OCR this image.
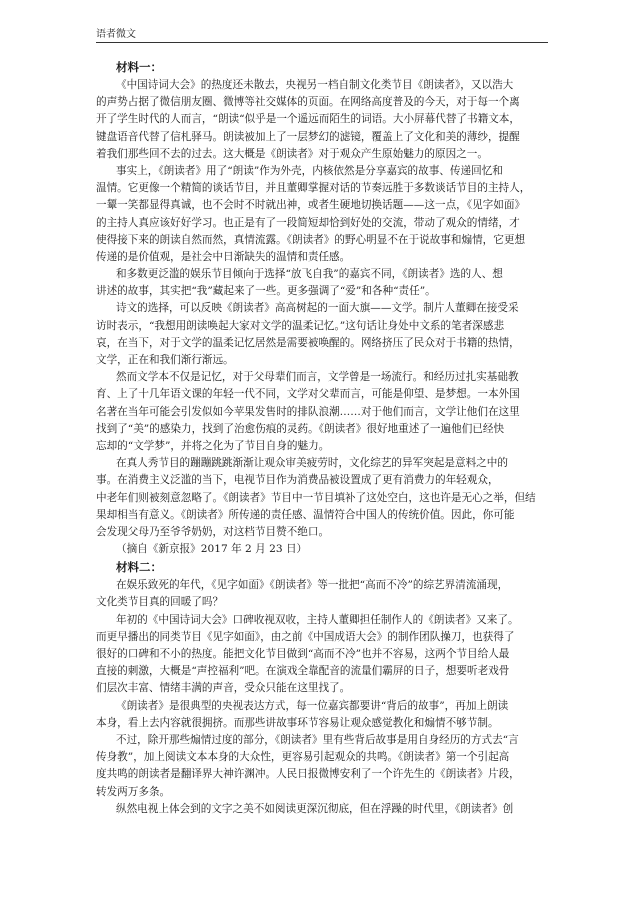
语者微文
材料一：
《中国诗词大会》的热度还未散去，央视另一档自制文化类节目《朗读者》，又以浩大
的声势占据了微信朋友圈、微博等社交媒体的页面。在网络高度普及的今天，对于每一个离
开了学生时代的人而言，“朗读“似乎是一个遥远而陌生的词语。大小屏幕代替了书籍文本，
键盘语音代替了信札驿马。朗读被加上了一层梦幻的滤镜，覆盖上了文化和美的薄纱，提醒
着我们那些回不去的过去。这大概是《朗读者》对于观众产生原始魅力的原因之一。
事实上，《朗读者》用了“朗读”作为外壳，内核依然是分享嘉宾的故事、传递回忆和
温情。它更像一个精简的谈话节目，并且董卿掌握对话的节奏远胜于多数谈话节目的主持人，
一颦一笑都显得真诚，也不会时不时就出神，或者生硬地切换话题——这一点，《见字如面》
的主持人真应该好好学习。也正是有了一段简短却恰到好处的交流，带动了观众的情绪，才
使得接下来的朗读自然而然，真情流露。《朗读者》的野心明显不在于说故事和煽情，它更想
传递的是价值观，是社会中日渐缺失的温情和责任感。
和多数更泛滥的娱乐节目倾向于选择“放飞自我”的嘉宾不同，《朗读者》选的人、想
讲述的故事，其实把“我”藏起来了一些。更多强调了“爱”和各种“责任”。
诗文的选择，可以反映《朗读者》高高树起的一面大旗——文学。制片人董卿在接受采
访时表示，“我想用朗读唤起大家对文学的温柔记忆。”这句话让身处中文系的笔者深感悲
哀，在当下，对于文学的温柔记忆居然是需要被唤醒的。网络挤压了民众对于书籍的热情，
文学，正在和我们渐行渐远。
然而文学本不仅是记忆，对于父母辈们而言，文学曾是一场流行。和经历过扎实基础教
育、上了十几年语文课的年轻一代不同，文学对父辈而言，可能是仰望、是梦想。一本外国
名著在当年可能会引发似如今苹果发售时的排队浪潮……对于他们而言，文学让他们在这里
找到了“美”的感染力，找到了治愈伤痕的灵药。《朗读者》很好地重述了一遍他们已经快
忘却的“文学梦”，并将之化为了节目自身的魅力。
在真人秀节目的蹦蹦跳跳渐渐让观众审美疲劳时，文化综艺的异军突起是意料之中的
事。在消费主义泛滥的当下，电视节目作为消费品被设置成了更有消费力的年轻观众，
中老年们则被刻意忽略了。《朗读者》节目中一节目填补了这处空白，这也许是无心之举，但结
果却相当有意义。《朗读者》所传递的责任感、温情符合中国人的传统价值。因此，你可能
会发现父母乃至爷爷奶奶，对这档节目赞不绝口。
（摘自《新京报》2017 年 2 月 23 日）
材料二：
在娱乐致死的年代，《见字如面》《朗读者》等一批把“高而不冷”的综艺界清流涌现，
文化类节目真的回暖了吗？
年初的《中国诗词大会》口碑收视双收，主持人董卿担任制作人的《朗读者》又来了。
而更早播出的同类节目《见字如面》，由之前《中国成语大会》的制作团队操刀，也获得了
很好的口碑和不小的热度。能把文化节目做到“高而不冷”也并不容易，这两个节目给人最
直接的刺激，大概是“声控福利”吧。在演戏全靠配音的流量们霸屏的日子，想要听老戏骨
们层次丰富、情绪丰满的声音，受众只能在这里找了。
《朗读者》是很典型的央视表达方式，每一位嘉宾都要讲“背后的故事”，再加上朗读
本身，看上去内容就很拥挤。而那些讲故事环节容易让观众感觉教化和煽情不够节制。
不过，除开那些煽情过度的部分，《朗读者》里有些背后故事是用自身经历的方式去“言
传身教”，加上阅读文本本身的大众性，更容易引起观众的共鸣。《朗读者》第一个引起高
度共鸣的朗读者是翻译界大神许渊冲。人民日报微博安利了一个许先生的《朗读者》片段，
转发两万多条。
纵然电视上体会到的文字之美不如阅读更深沉彻底，但在浮躁的时代里，《朗读者》创
